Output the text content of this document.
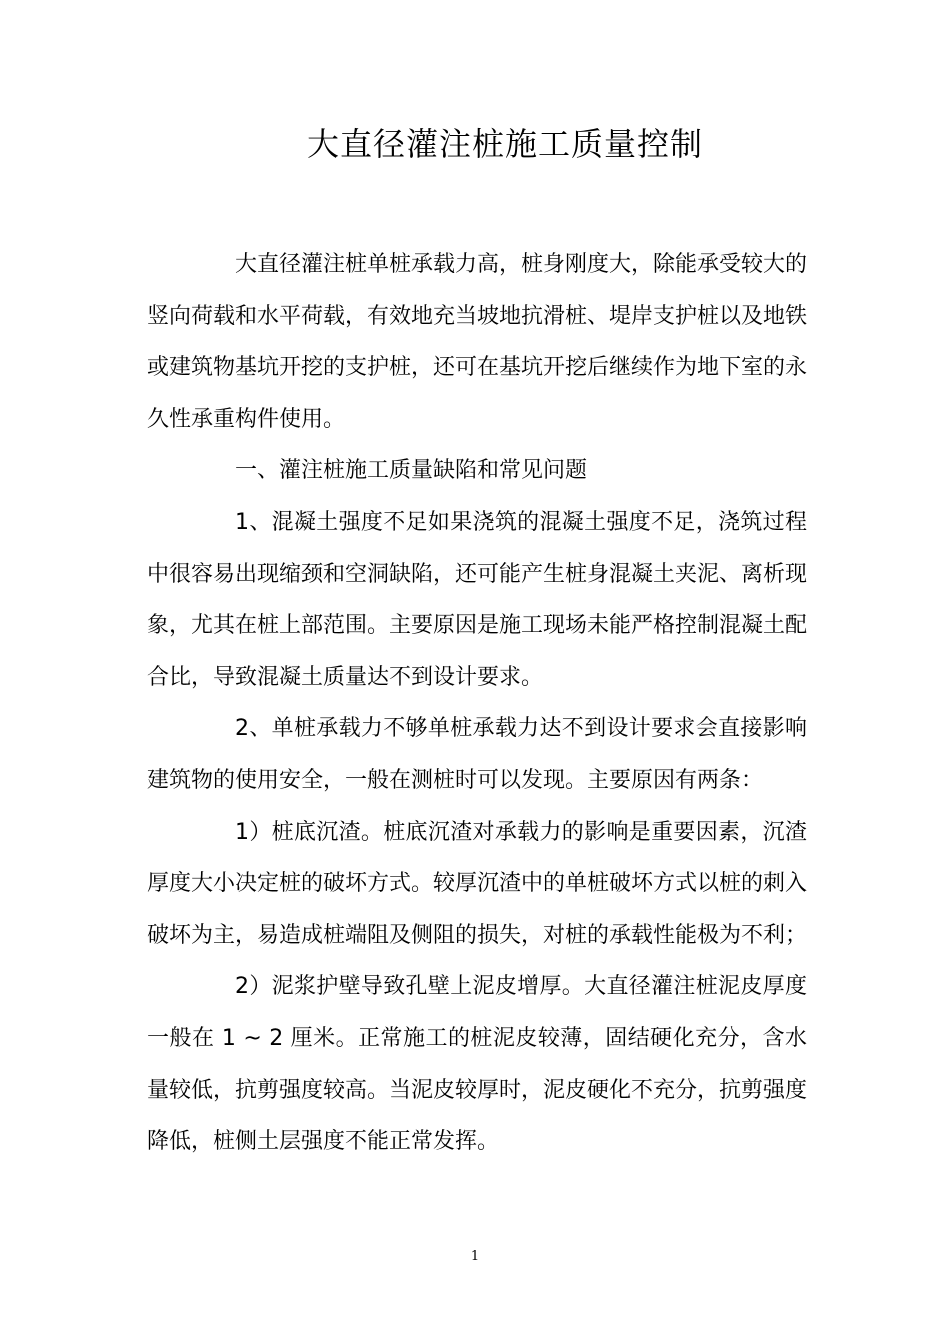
大直径灌注桩施工质量控制

大直径灌注桩单桩承载力高，桩身刚度大，除能承受较大的竖向荷载和水平荷载，有效地充当坡地抗滑桩、堤岸支护桩以及地铁或建筑物基坑开挖的支护桩，还可在基坑开挖后继续作为地下室的永久性承重构件使用。

一、灌注桩施工质量缺陷和常见问题

1、混凝土强度不足如果浇筑的混凝土强度不足，浇筑过程中很容易出现缩颈和空洞缺陷，还可能产生桩身混凝土夹泥、离析现象，尤其在桩上部范围。主要原因是施工现场未能严格控制混凝土配合比，导致混凝土质量达不到设计要求。

2、单桩承载力不够单桩承载力达不到设计要求会直接影响建筑物的使用安全，一般在测桩时可以发现。主要原因有两条：

1）桩底沉渣。桩底沉渣对承载力的影响是重要因素，沉渣厚度大小决定桩的破坏方式。较厚沉渣中的单桩破坏方式以桩的刺入破坏为主，易造成桩端阻及侧阻的损失，对桩的承载性能极为不利；

2）泥浆护壁导致孔壁上泥皮增厚。大直径灌注桩泥皮厚度一般在 1 ~ 2 厘米。正常施工的桩泥皮较薄，固结硬化充分，含水量较低，抗剪强度较高。当泥皮较厚时，泥皮硬化不充分，抗剪强度降低，桩侧土层强度不能正常发挥。

1
